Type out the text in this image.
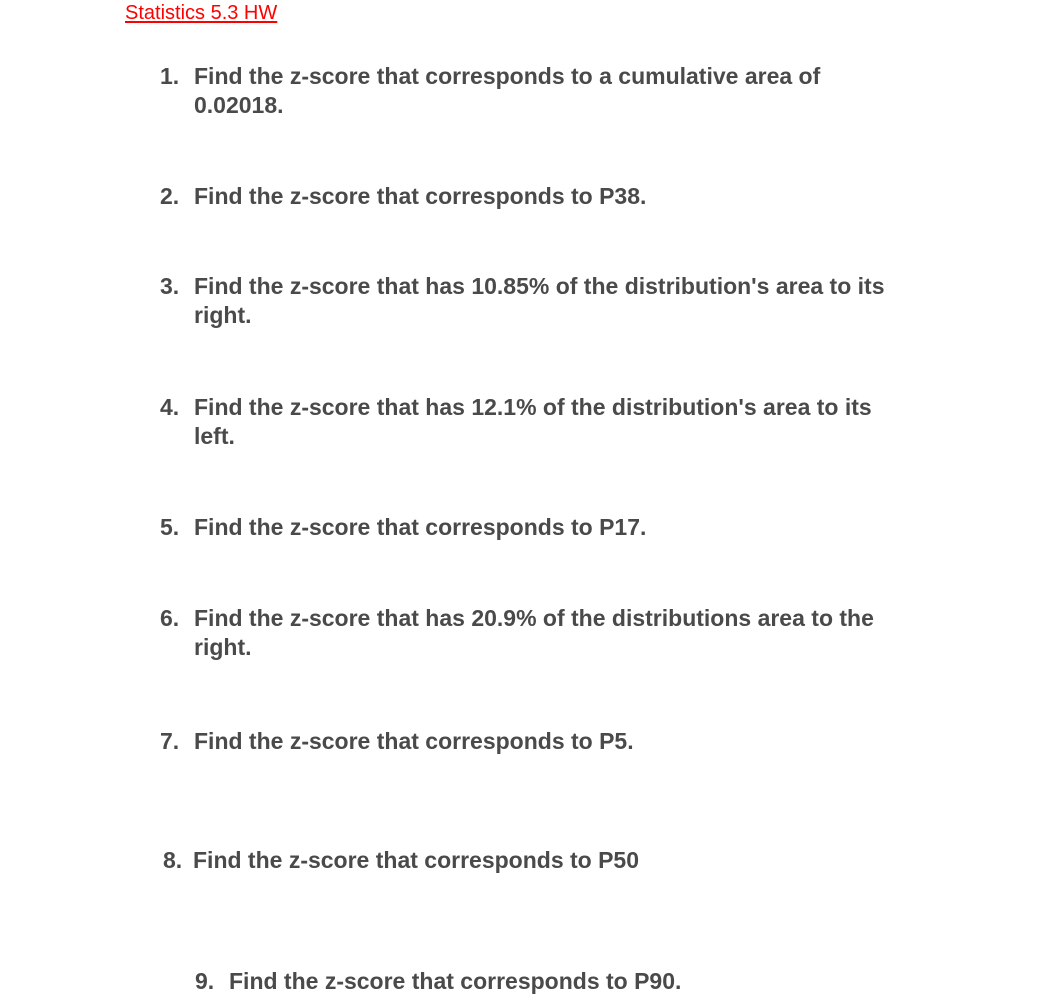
Statistics 5.3 HW
1. Find the z-score that corresponds to a cumulative area of
0.02018.
2. Find the z-score that corresponds to P38.
3. Find the z-score that has 10.85% of the distribution's area to its
right.
4. Find the z-score that has 12.1% of the distribution's area to its
left.
5. Find the z-score that corresponds to P17.
6. Find the z-score that has 20.9% of the distributions area to the
right.
7. Find the z-score that corresponds to P5.
8. Find the z-score that corresponds to P50
9. Find the z-score that corresponds to P90.
